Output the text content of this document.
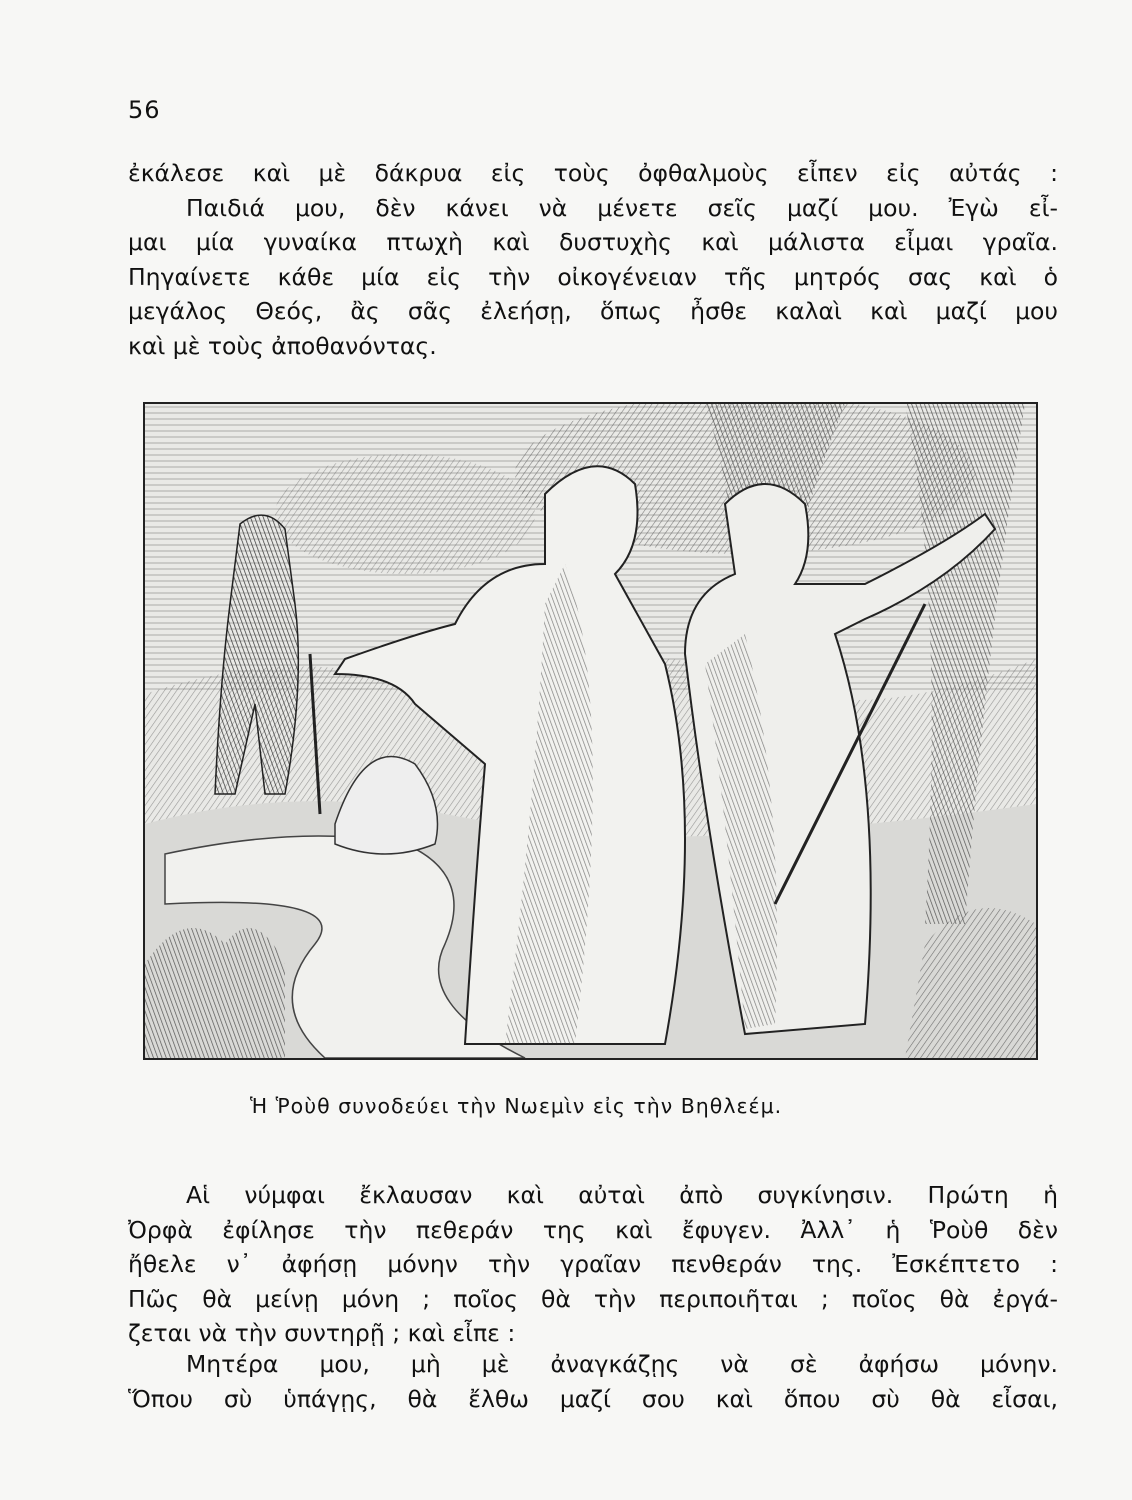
56
ἐκάλεσε καὶ μὲ δάκρυα εἰς τοὺς ὀφθαλμοὺς εἶπεν εἰς αὐτάς :
Παιδιά μου, δὲν κάνει νὰ μένετε σεῖς μαζί μου. Ἐγὼ εἶ-
μαι μία γυναίκα πτωχὴ καὶ δυστυχὴς καὶ μάλιστα εἶμαι γραῖα.
Πηγαίνετε κάθε μία εἰς τὴν οἰκογένειαν τῆς μητρός σας καὶ ὁ
μεγάλος Θεός, ἂς σᾶς ἐλεήσῃ, ὅπως ἦσθε καλαὶ καὶ μαζί μου
καὶ μὲ τοὺς ἀποθανόντας.
Ἡ Ῥοὺθ συνοδεύει τὴν Νωεμὶν εἰς τὴν Βηθλεέμ.
Αἱ νύμφαι ἔκλαυσαν καὶ αὐταὶ ἀπὸ συγκίνησιν. Πρώτη ἡ
Ὀρφὰ ἐφίλησε τὴν πεθεράν της καὶ ἔφυγεν. Ἀλλ᾽ ἡ Ῥοὺθ δὲν
ἤθελε ν᾽ ἀφήσῃ μόνην τὴν γραῖαν πενθεράν της. Ἐσκέπτετο :
Πῶς θὰ μείνῃ μόνη ; ποῖος θὰ τὴν περιποιῆται ; ποῖος θὰ ἐργά-
ζεται νὰ τὴν συντηρῇ ; καὶ εἶπε :
Μητέρα μου, μὴ μὲ ἀναγκάζῃς νὰ σὲ ἀφήσω μόνην.
Ὅπου σὺ ὑπάγῃς, θὰ ἔλθω μαζί σου καὶ ὅπου σὺ θὰ εἶσαι,
